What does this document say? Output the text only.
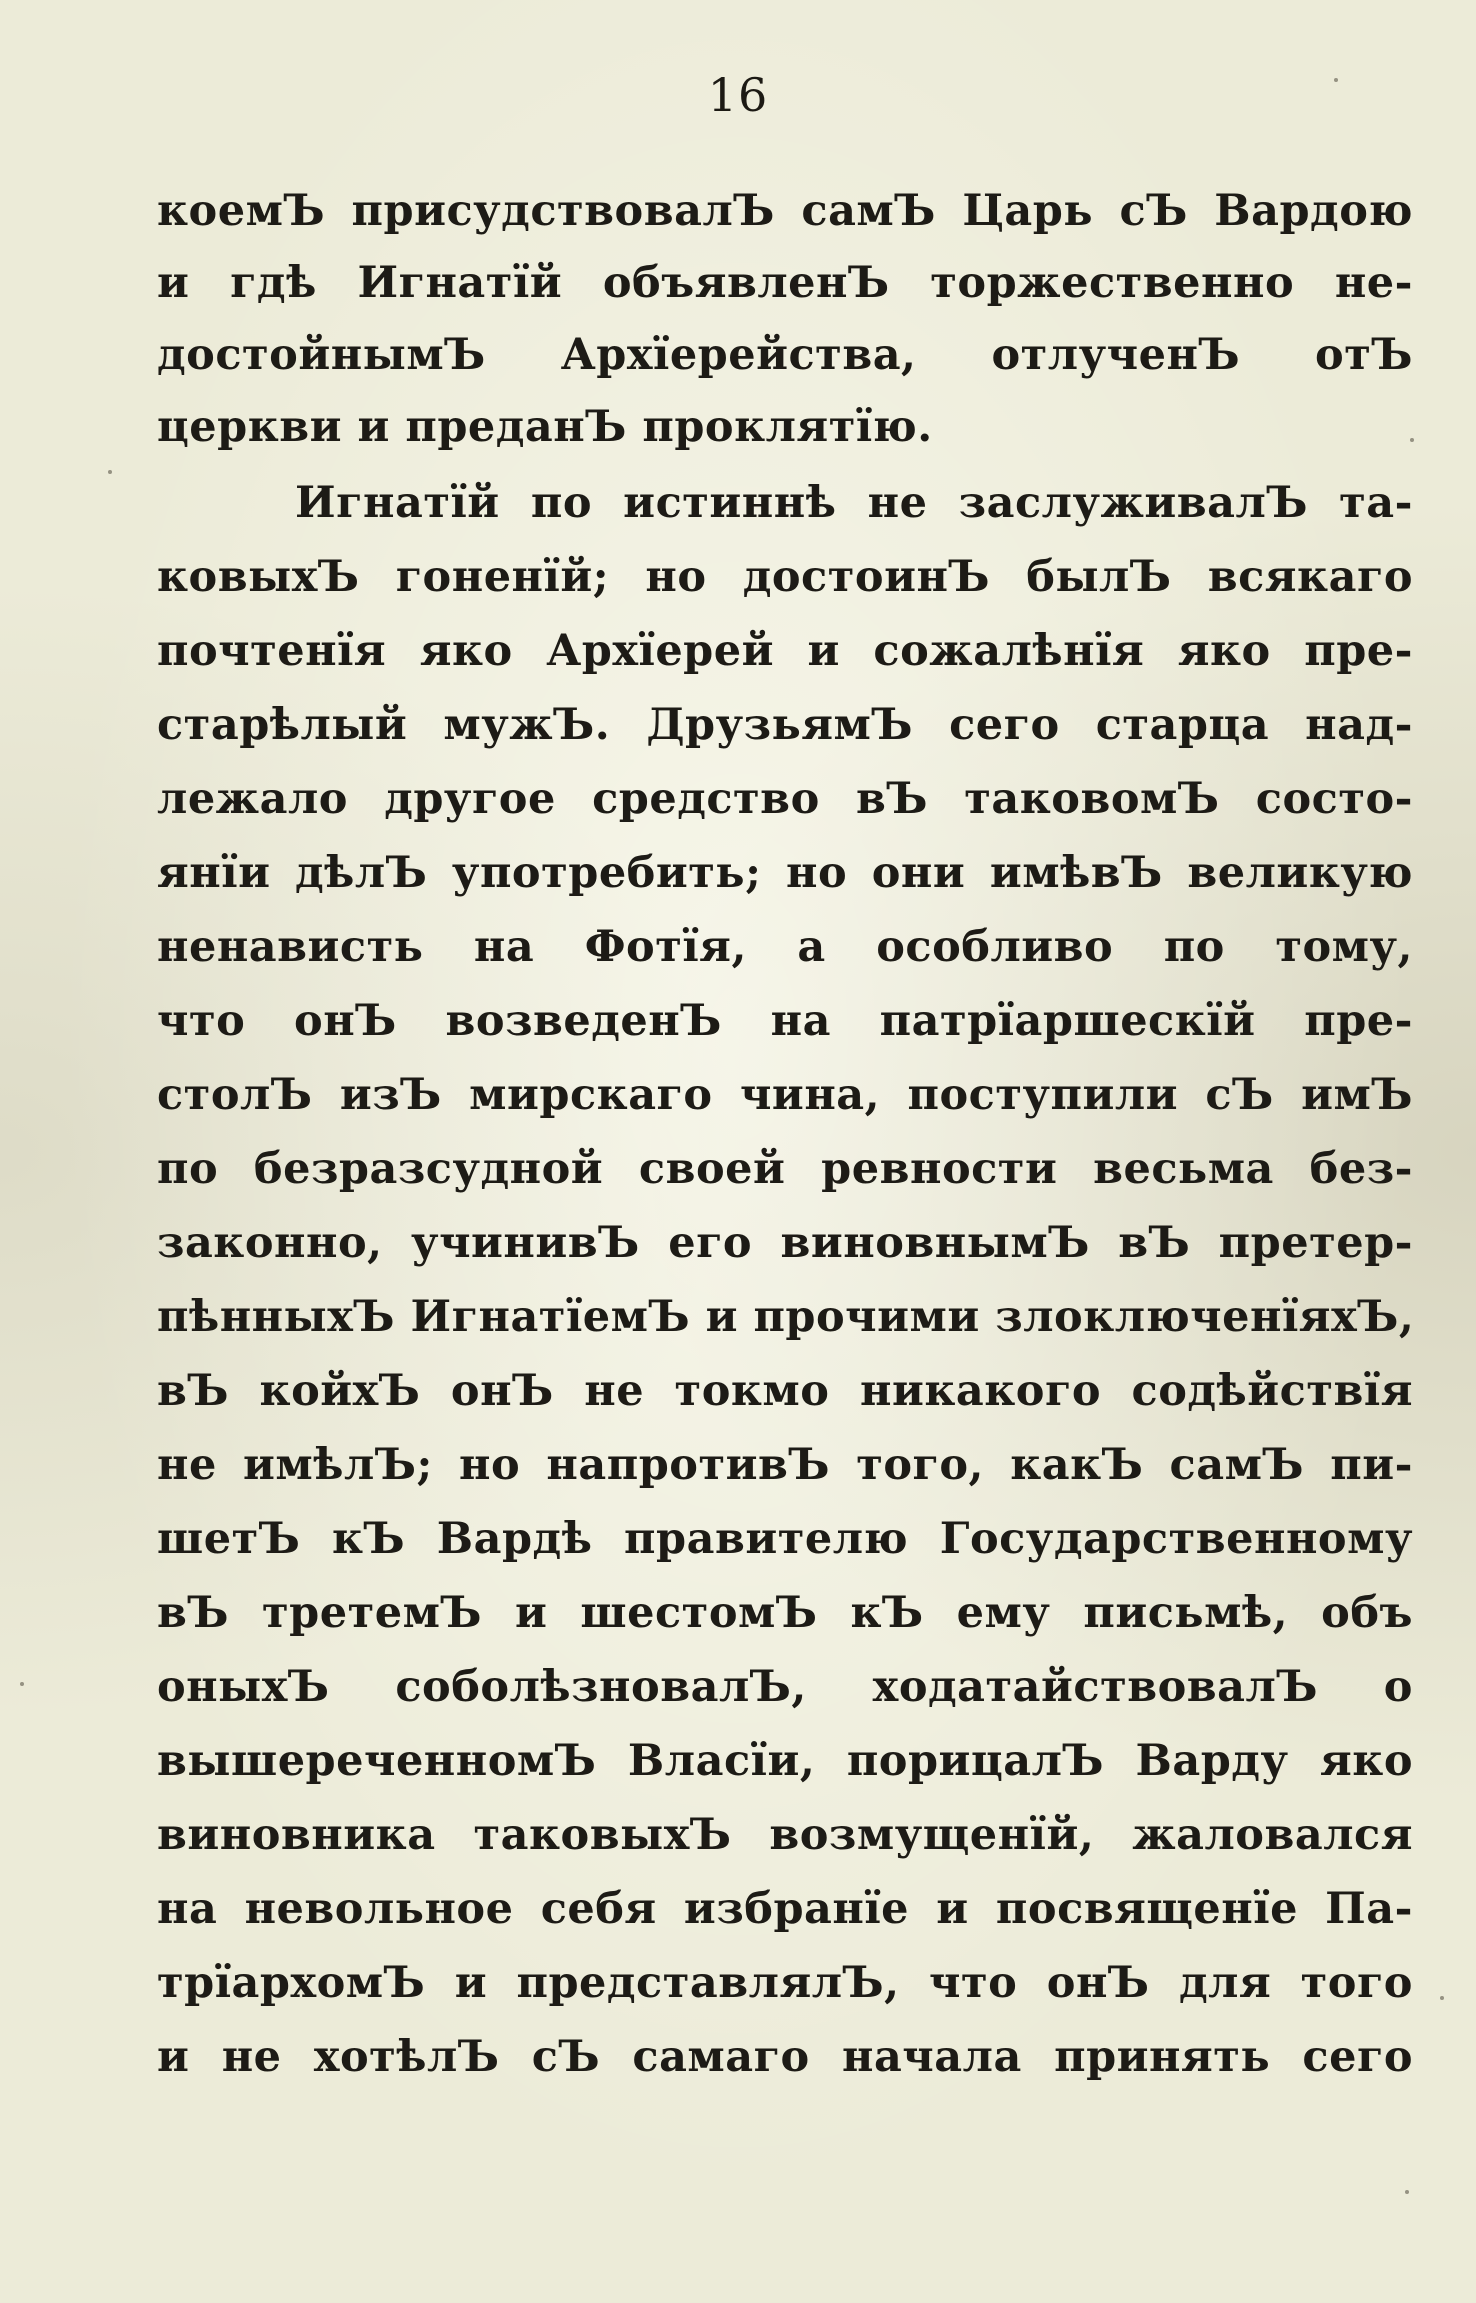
16
коемЪ присудствовалЪ самЪ Царь сЪ Вардою
и гдѣ Игнатїй объявленЪ торжественно не-
достойнымЪ Архїерейства, отлученЪ отЪ
церкви и преданЪ проклятїю.
Игнатїй по истиннѣ не заслуживалЪ та-
ковыхЪ гоненїй; но достоинЪ былЪ всякаго
почтенїя яко Архїерей и сожалѣнїя яко пре-
старѣлый мужЪ. ДрузьямЪ сего старца над-
лежало другое средство вЪ таковомЪ состо-
янїи дѣлЪ употребить; но они имѣвЪ великую
ненависть на Фотїя, а особливо по тому,
что онЪ возведенЪ на патрїаршескїй пре-
столЪ изЪ мирскаго чина, поступили сЪ имЪ
по безразсудной своей ревности весьма без-
законно, учинивЪ его виновнымЪ вЪ претер-
пѣнныхЪ ИгнатїемЪ и прочими злоключенїяхЪ,
вЪ койхЪ онЪ не токмо никакого содѣйствїя
не имѣлЪ; но напротивЪ того, какЪ самЪ пи-
шетЪ кЪ Вардѣ правителю Государственному
вЪ третемЪ и шестомЪ кЪ ему письмѣ, объ
оныхЪ соболѣзновалЪ, ходатайствовалЪ о
вышереченномЪ Власїи, порицалЪ Варду яко
виновника таковыхЪ возмущенїй, жаловался
на невольное себя избранїе и посвященїе Па-
трїархомЪ и представлялЪ, что онЪ для того
и не хотѣлЪ сЪ самаго начала принять сего
